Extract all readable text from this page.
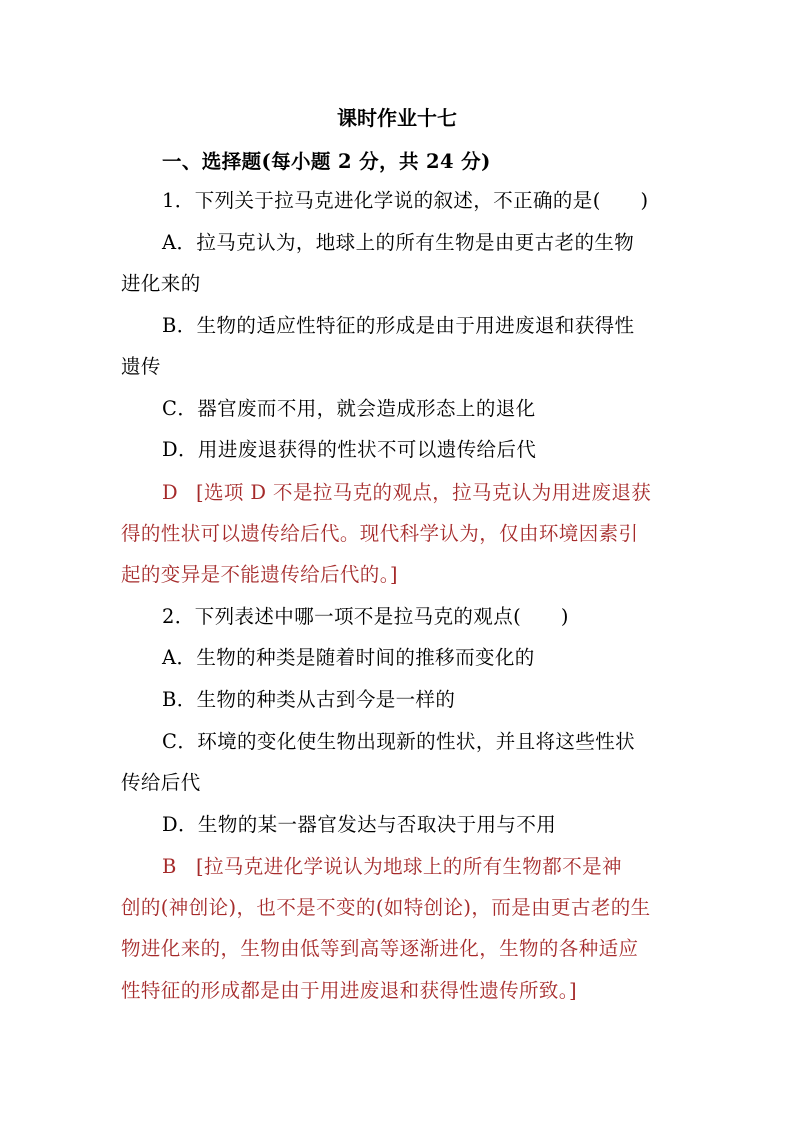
课时作业十七
一、选择题(每小题 2 分，共 24 分)
1．下列关于拉马克进化学说的叙述，不正确的是(　　)
A．拉马克认为，地球上的所有生物是由更古老的生物
进化来的
B．生物的适应性特征的形成是由于用进废退和获得性
遗传
C．器官废而不用，就会造成形态上的退化
D．用进废退获得的性状不可以遗传给后代
D [选项 D 不是拉马克的观点，拉马克认为用进废退获
得的性状可以遗传给后代。现代科学认为，仅由环境因素引
起的变异是不能遗传给后代的。]
2．下列表述中哪一项不是拉马克的观点(　　)
A．生物的种类是随着时间的推移而变化的
B．生物的种类从古到今是一样的
C．环境的变化使生物出现新的性状，并且将这些性状
传给后代
D．生物的某一器官发达与否取决于用与不用
B [拉马克进化学说认为地球上的所有生物都不是神
创的(神创论)，也不是不变的(如特创论)，而是由更古老的生
物进化来的，生物由低等到高等逐渐进化，生物的各种适应
性特征的形成都是由于用进废退和获得性遗传所致。]
